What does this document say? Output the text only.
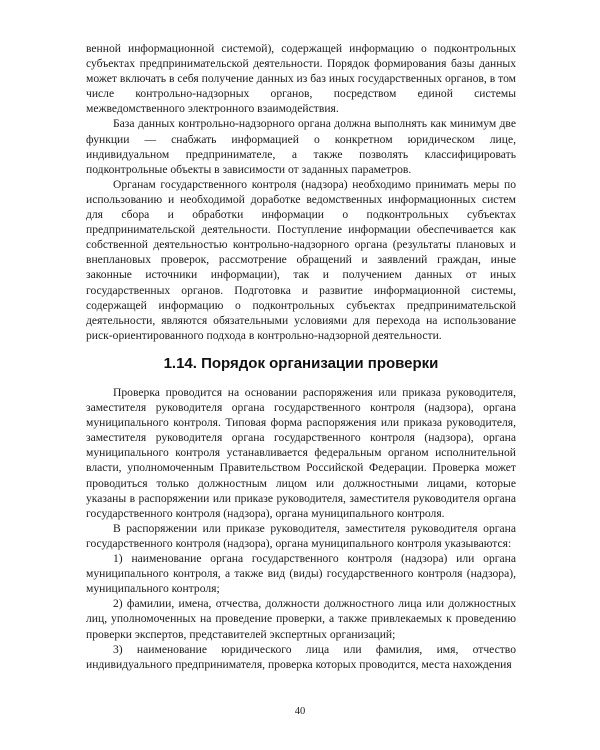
венной информационной системой), содержащей информацию о подконтрольных субъектах предпринимательской деятельности. Порядок формирования базы данных может включать в себя получение данных из баз иных государственных органов, в том числе контрольно-надзорных органов, посредством единой системы межведомственного электронного взаимодействия.

База данных контрольно-надзорного органа должна выполнять как минимум две функции — снабжать информацией о конкретном юридическом лице, индивидуальном предпринимателе, а также позволять классифицировать подконтрольные объекты в зависимости от заданных параметров.

Органам государственного контроля (надзора) необходимо принимать меры по использованию и необходимой доработке ведомственных информационных систем для сбора и обработки информации о подконтрольных субъектах предпринимательской деятельности. Поступление информации обеспечивается как собственной деятельностью контрольно-надзорного органа (результаты плановых и внеплановых проверок, рассмотрение обращений и заявлений граждан, иные законные источники информации), так и получением данных от иных государственных органов. Подготовка и развитие информационной системы, содержащей информацию о подконтрольных субъектах предпринимательской деятельности, являются обязательными условиями для перехода на использование риск-ориентированного подхода в контрольно-надзорной деятельности.

1.14. Порядок организации проверки

Проверка проводится на основании распоряжения или приказа руководителя, заместителя руководителя органа государственного контроля (надзора), органа муниципального контроля. Типовая форма распоряжения или приказа руководителя, заместителя руководителя органа государственного контроля (надзора), органа муниципального контроля устанавливается федеральным органом исполнительной власти, уполномоченным Правительством Российской Федерации. Проверка может проводиться только должностным лицом или должностными лицами, которые указаны в распоряжении или приказе руководителя, заместителя руководителя органа государственного контроля (надзора), органа муниципального контроля.

В распоряжении или приказе руководителя, заместителя руководителя органа государственного контроля (надзора), органа муниципального контроля указываются:

1) наименование органа государственного контроля (надзора) или органа муниципального контроля, а также вид (виды) государственного контроля (надзора), муниципального контроля;

2) фамилии, имена, отчества, должности должностного лица или должностных лиц, уполномоченных на проведение проверки, а также привлекаемых к проведению проверки экспертов, представителей экспертных организаций;

3) наименование юридического лица или фамилия, имя, отчество индивидуального предпринимателя, проверка которых проводится, места нахождения

40
